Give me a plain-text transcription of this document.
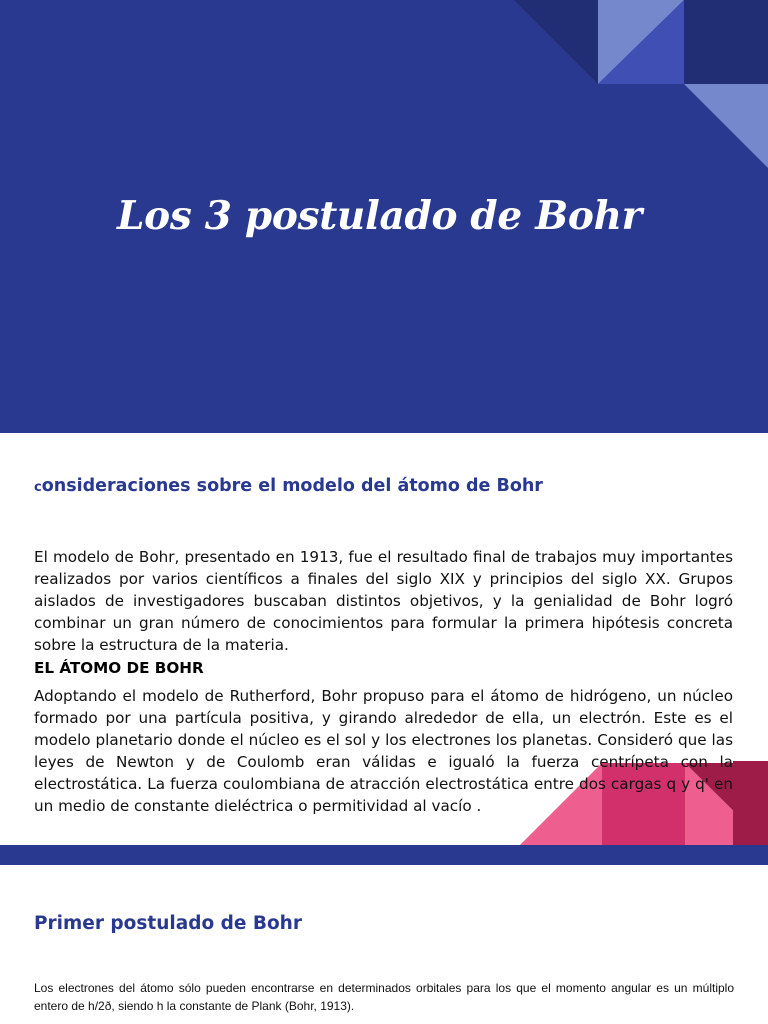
Los 3 postulado de Bohr
consideraciones sobre el modelo del átomo de Bohr

El modelo de Bohr, presentado en 1913, fue el resultado final de trabajos muy importantes realizados por varios científicos a finales del siglo XIX y principios del siglo XX. Grupos aislados de investigadores buscaban distintos objetivos, y la genialidad de Bohr logró combinar un gran número de conocimientos para formular la primera hipótesis concreta sobre la estructura de la materia.

EL ÁTOMO DE BOHR

Adoptando el modelo de Rutherford, Bohr propuso para el átomo de hidrógeno, un núcleo formado por una partícula positiva, y girando alrededor de ella, un electrón. Este es el modelo planetario donde el núcleo es el sol y los electrones los planetas. Consideró que las leyes de Newton y de Coulomb eran válidas e igualó la fuerza centrípeta con la electrostática. La fuerza coulombiana de atracción electrostática entre dos cargas q y q' en un medio de constante dieléctrica o permitividad al vacío .

Primer postulado de Bohr

Los electrones del átomo sólo pueden encontrarse en determinados orbitales para los que el momento angular es un múltiplo entero de h/2ð, siendo h la constante de Plank (Bohr, 1913).
